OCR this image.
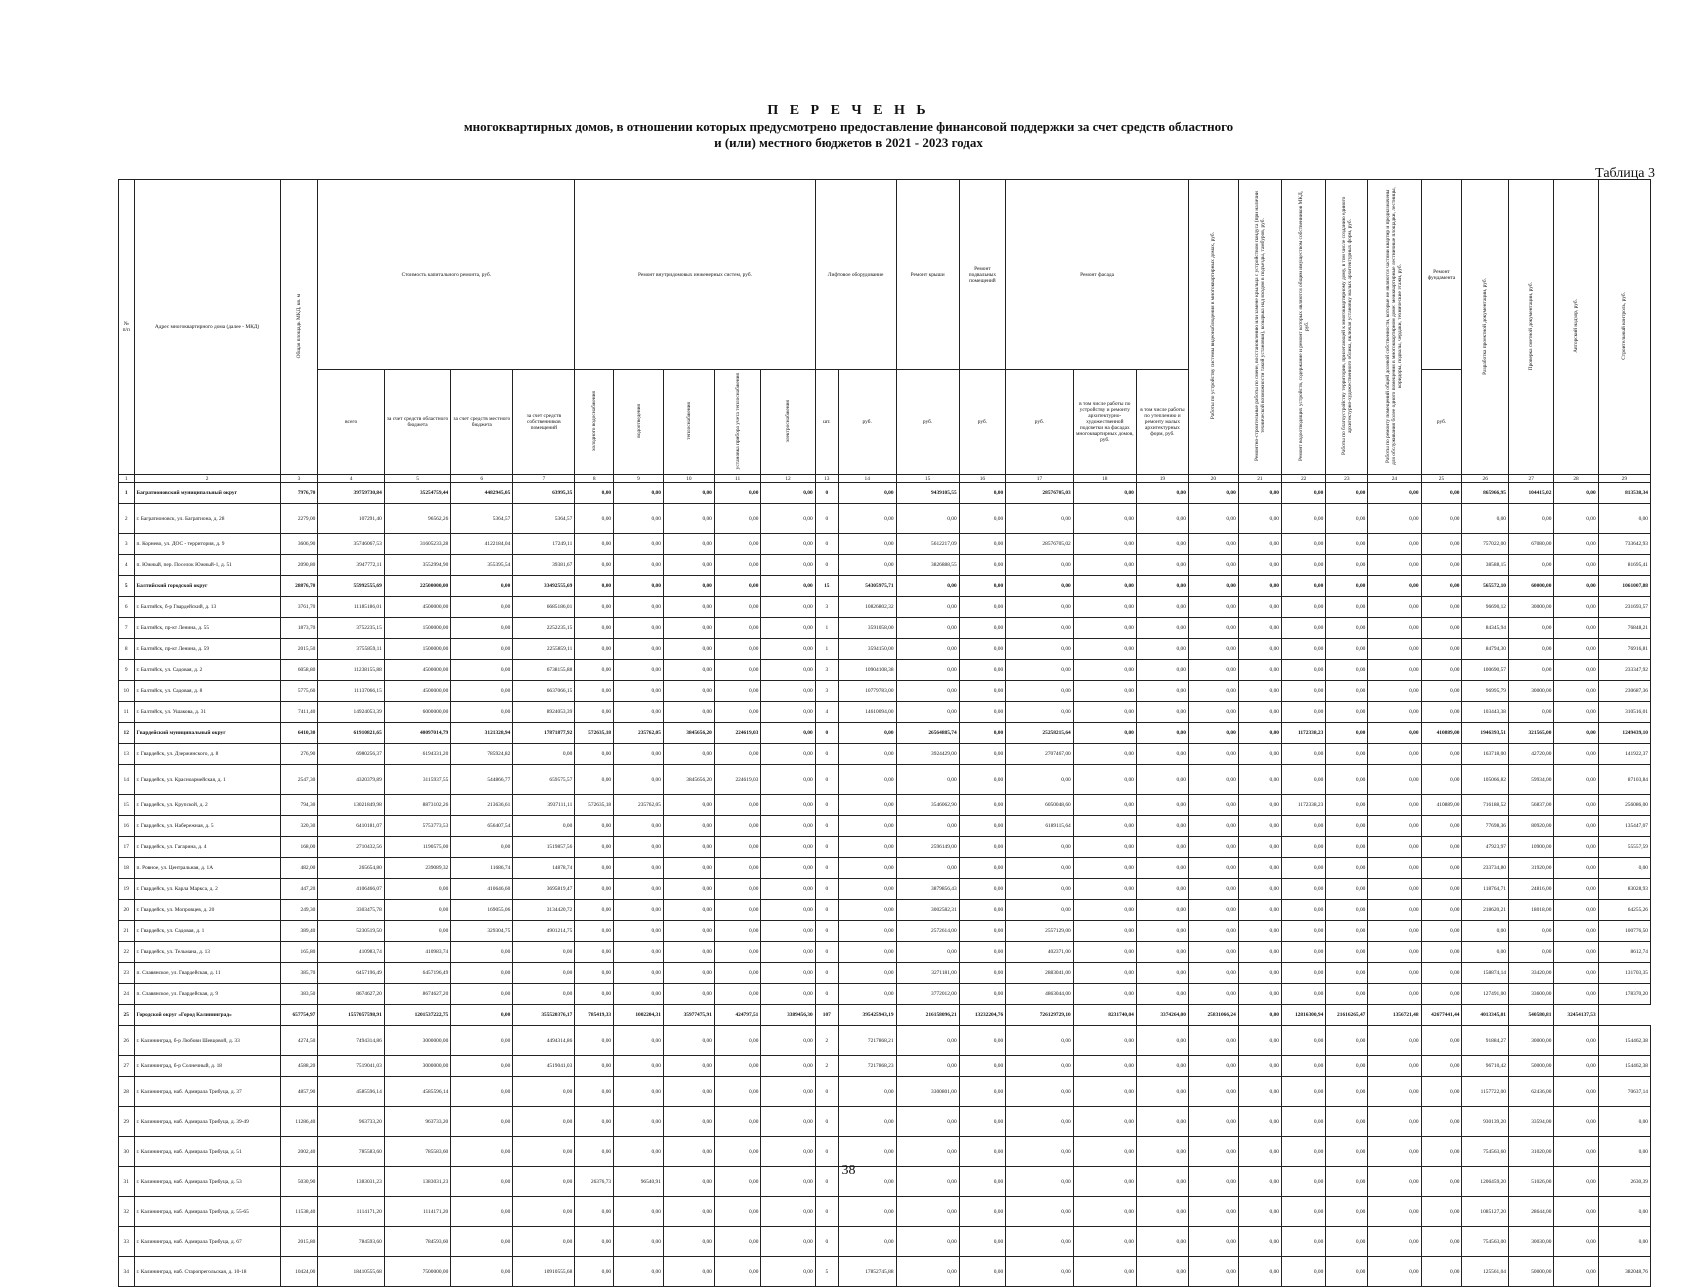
П Е Р Е Ч Е Н Ь
многоквартирных домов, в отношении которых предусмотрено предоставление финансовой поддержки за счет средств областного
и (или) местного бюджетов в 2021 - 2023 годах
Таблица 3
№ п/п	Адрес многоквартирного дома (далее - МКД)	Общая площадь МКД, кв. м	Стоимость капитального ремонта, руб.				Ремонт внутридомовых инженерных систем, руб.					Лифтовое оборудование		Ремонт крыши	Ремонт подвальных помещений	Ремонт фасада			Работы по устройству системы видеонаблюдения в многоквартирных домах, руб.	Ремонтно-строительные работы по смене, восстановлению или замене крыльца с устройством пандуса (при наличии технической возможности такой установки), козырька над входом в подъезды, тамбуров, руб.	Ремонт водоотводящих устройств, содержание и ремонт которых являются общим имуществом собственников МКД, руб.	Работы по благоустройству территории, прилегающей к многоквартирному дому, в том числе созданию единого архитектурно-художественного облика, включая установку малых архитектурных форм, руб.	Работы по ремонту помещений общей долевой собственности, которые не являются частями квартир и предназначены для обслуживания более одного помещения в многоквартирном доме: межквартирные лестничные площадки, лестницы, коридоры, подвалы, чердаки, технические этажи, руб.	Ремонт фундамента	Разработка проектной документации, руб.	Проверка сметной документации, руб.	Авторский надзор, руб.	Строительный контроль, руб.
			всего	за счет средств областного бюджета	за счет средств местного бюджета	за счет средств собственников помещений	холодного водоснабжения	водоотведения	теплоснабжения	установка прибора учета теплоснабжения	электроснабжения	шт.	руб.	руб.	руб.	руб.	в том числе работы по устройству и ремонту архитектурно-художественной подсветки на фасадах многоквартирных домов, руб.	в том числе работы по утеплению и ремонту малых архитектурных форм, руб.						руб.				
1	2	3	4	5	6	7	8	9	10	11	12	13	14	15	16	17	18	19	20	21	22	23	24	25	26	27	28	29
1	Багратионовский муниципальный округ	7976,70	39759730,84	35254759,44	4482945,05	63995,35	0,00	0,00	0,00	0,00	0,00	0	0,00	9439105,55	0,00	28576705,03	0,00	0,00	0,00	0,00	0,00	0,00	0,00	0,00	865966,95	104415,02	0,00	813538,34
2	г. Багратионовск, ул. Багратиона, д. 28	2279,00	107291,40	96562,26	5364,57	5364,57	0,00	0,00	0,00	0,00	0,00	0	0,00	0,00	0,00	0,00	0,00	0,00	0,00	0,00	0,00	0,00	0,00	0,00	0,00	0,00	0,00	0,00
3	п. Корнево, ул. ДОС - территория, д. 9	3606,90	35746067,53	31605233,28	4122184,04	17249,11	0,00	0,00	0,00	0,00	0,00	0	0,00	5612217,09	0,00	28576705,02	0,00	0,00	0,00	0,00	0,00	0,00	0,00	0,00	757022,00	67080,00	0,00	733642,93
4	п. Южный, пер. Поселок Южный-1, д. 51	2090,80	3947772,11	3552994,90	355395,54	39381,67	0,00	0,00	0,00	0,00	0,00	0	0,00	3826888,55	0,00	0,00	0,00	0,00	0,00	0,00	0,00	0,00	0,00	0,00	38588,15	0,00	0,00	81695,41
5	Балтийский городской округ	28876,70	55992555,69	22500000,00	0,00	33492555,69	0,00	0,00	0,00	0,00	0,00	15	54305975,71	0,00	0,00	0,00	0,00	0,00	0,00	0,00	0,00	0,00	0,00	0,00	565572,10	60000,00	0,00	1061007,88
6	г. Балтийск, б-р Гвардейский, д. 13	3761,70	11185186,01	4500000,00	0,00	6685186,01	0,00	0,00	0,00	0,00	0,00	3	10826802,32	0,00	0,00	0,00	0,00	0,00	0,00	0,00	0,00	0,00	0,00	0,00	96690,12	30000,00	0,00	231693,57
7	г. Балтийск, пр-кт Ленина, д. 55	1873,70	3752235,15	1500000,00	0,00	2252235,15	0,00	0,00	0,00	0,00	0,00	1	3591058,00	0,00	0,00	0,00	0,00	0,00	0,00	0,00	0,00	0,00	0,00	0,00	84345,94	0,00	0,00	76848,21
8	г. Балтийск, пр-кт Ленина, д. 59	2015,50	3755859,11	1500000,00	0,00	2255859,11	0,00	0,00	0,00	0,00	0,00	1	3594150,00	0,00	0,00	0,00	0,00	0,00	0,00	0,00	0,00	0,00	0,00	0,00	84794,30	0,00	0,00	76916,81
9	г. Балтийск, ул. Садовая, д. 2	6058,80	11238155,88	4500000,00	0,00	6738155,88	0,00	0,00	0,00	0,00	0,00	3	10904108,38	0,00	0,00	0,00	0,00	0,00	0,00	0,00	0,00	0,00	0,00	0,00	100690,57	0,00	0,00	233347,92
10	г. Балтийск, ул. Садовая, д. 8	5775,60	11137066,15	4500000,00	0,00	6637066,15	0,00	0,00	0,00	0,00	0,00	3	10779783,00	0,00	0,00	0,00	0,00	0,00	0,00	0,00	0,00	0,00	0,00	0,00	96995,79	30000,00	0,00	230687,36
11	г. Балтийск, ул. Ушакова, д. 31	7411,40	14924053,39	6000000,00	0,00	8924053,39	0,00	0,00	0,00	0,00	0,00	4	14610094,00	0,00	0,00	0,00	0,00	0,00	0,00	0,00	0,00	0,00	0,00	0,00	103443,38	0,00	0,00	310516,01
12	Гвардейский муниципальный округ	6410,30	61910821,65	40097014,79	3121328,94	17871877,92	572635,18	235762,05	3845656,20	224619,03	0,00	0	0,00	26564885,74	0,00	25258215,64	0,00	0,00	0,00	0,00	1172338,23	0,00	0,00	410889,00	1946393,51	321565,00	0,00	1249439,10
13	г. Гвардейск, ул. Дзержинского, д. 8	276,90	6980256,37	6194331,20	785924,82	0,00	0,00	0,00	0,00	0,00	0,00	0	0,00	3924429,00	0,00	2707467,00	0,00	0,00	0,00	0,00	0,00	0,00	0,00	0,00	163718,00	42720,00	0,00	141922,37
14	г. Гвардейск, ул. Красноармейская, д. 1	2547,30	4320379,89	3115937,55	544866,77	659575,57	0,00	0,00	3845656,20	224619,03	0,00	0	0,00	0,00	0,00	0,00	0,00	0,00	0,00	0,00	0,00	0,00	0,00	0,00	105066,82	59934,00	0,00	87103,84
15	г. Гвардейск, ул. Крупской, д. 2	794,30	13021849,98	8873102,26	213636,61	3937111,11	572635,18	235762,05	0,00	0,00	0,00	0	0,00	3546062,90	0,00	6050048,60	0,00	0,00	0,00	0,00	1172338,23	0,00	0,00	410889,00	716188,52	56837,00	0,00	256086,00
16	г. Гвардейск, ул. Набережная, д. 5	320,30	6410181,07	5753773,53	656407,54	0,00	0,00	0,00	0,00	0,00	0,00	0	0,00	0,00	0,00	6189115,64	0,00	0,00	0,00	0,00	0,00	0,00	0,00	0,00	77698,36	80920,00	0,00	135447,07
17	г. Гвардейск, ул. Гагарина, д. 4	168,00	2710432,56	1190575,00	0,00	1519857,56	0,00	0,00	0,00	0,00	0,00	0	0,00	2596149,00	0,00	0,00	0,00	0,00	0,00	0,00	0,00	0,00	0,00	0,00	47923,97	10900,00	0,00	55557,59
18	п. Ровное, ул. Центральная, д. 1А	482,00	265654,80	239089,32	11686,74	14878,74	0,00	0,00	0,00	0,00	0,00	0	0,00	0,00	0,00	0,00	0,00	0,00	0,00	0,00	0,00	0,00	0,00	0,00	233734,80	31920,00	0,00	0,00
19	г. Гвардейск, ул. Карла Маркса, д. 2	447,20	4106466,07	0,00	410646,60	3695819,47	0,00	0,00	0,00	0,00	0,00	0	0,00	3879856,43	0,00	0,00	0,00	0,00	0,00	0,00	0,00	0,00	0,00	0,00	118764,71	24816,00	0,00	83028,93
20	г. Гвардейск, ул. Мопровцев, д. 20	249,30	3303475,78	0,00	169055,06	3134420,72	0,00	0,00	0,00	0,00	0,00	0	0,00	3002582,31	0,00	0,00	0,00	0,00	0,00	0,00	0,00	0,00	0,00	0,00	218620,21	18018,00	0,00	64255,26
21	г. Гвардейск, ул. Садовая, д. 1	389,40	5230519,50	0,00	329304,75	4901214,75	0,00	0,00	0,00	0,00	0,00	0	0,00	2572614,00	0,00	2557129,00	0,00	0,00	0,00	0,00	0,00	0,00	0,00	0,00	0,00	0,00	0,00	100776,50
22	г. Гвардейск, ул. Тельмана, д. 13	165,80	410983,74	410983,74	0,00	0,00	0,00	0,00	0,00	0,00	0,00	0	0,00	0,00	0,00	402371,00	0,00	0,00	0,00	0,00	0,00	0,00	0,00	0,00	0,00	0,00	0,00	8612,74
23	п. Славянское, ул. Гвардейская, д. 11	385,70	6457196,49	6457196,49	0,00	0,00	0,00	0,00	0,00	0,00	0,00	0	0,00	3271181,00	0,00	2883041,00	0,00	0,00	0,00	0,00	0,00	0,00	0,00	0,00	158874,14	33420,00	0,00	131703,35
24	п. Славянское, ул. Гвардейская, д. 9	383,50	8674627,20	8674627,20	0,00	0,00	0,00	0,00	0,00	0,00	0,00	0	0,00	3772012,00	0,00	4863044,00	0,00	0,00	0,00	0,00	0,00	0,00	0,00	0,00	127491,00	33600,00	0,00	178370,20
25	Городской округ «Город Калининград»	657754,97	1557057598,91	1201537222,75	0,00	355520376,17	785419,33	1002204,31	35977475,91	424797,51	3389456,30	107	395425943,19	216158096,21	13232204,76	726129729,10	8231740,04	3374264,00	25831066,24	0,00	12816300,94	21616265,47	1356721,48	42677441,44	4013345,01	540580,81	32454137,53	
26	г. Калининград, б-р Любови Шевцовой, д. 33	4274,50	7494314,86	3000000,00	0,00	4494314,86	0,00	0,00	0,00	0,00	0,00	2	7217868,21	0,00	0,00	0,00	0,00	0,00	0,00	0,00	0,00	0,00	0,00	0,00	91884,27	30000,00	0,00	154462,38
27	г. Калининград, б-р Солнечный, д. 18	4588,20	7519041,03	3000000,00	0,00	4519041,03	0,00	0,00	0,00	0,00	0,00	2	7217868,23	0,00	0,00	0,00	0,00	0,00	0,00	0,00	0,00	0,00	0,00	0,00	96710,42	50000,00	0,00	154462,38
28	г. Калининград, наб. Адмирала Трибуца, д. 37	4857,90	4585596,14	4585596,14	0,00	0,00	0,00	0,00	0,00	0,00	0,00	0	0,00	3300801,00	0,00	0,00	0,00	0,00	0,00	0,00	0,00	0,00	0,00	0,00	1157722,00	62436,00	0,00	70637,14
29	г. Калининград, наб. Адмирала Трибуца, д. 39-49	11286,40	963733,20	963733,20	0,00	0,00	0,00	0,00	0,00	0,00	0,00	0	0,00	0,00	0,00	0,00	0,00	0,00	0,00	0,00	0,00	0,00	0,00	0,00	930139,20	33594,00	0,00	0,00
30	г. Калининград, наб. Адмирала Трибуца, д. 51	2002,40	785583,60	785583,60	0,00	0,00	0,00	0,00	0,00	0,00	0,00	0	0,00	0,00	0,00	0,00	0,00	0,00	0,00	0,00	0,00	0,00	0,00	0,00	754563,60	31020,00	0,00	0,00
31	г. Калининград, наб. Адмирала Трибуца, д. 53	5030,90	1383031,23	1383031,23	0,00	0,00	26376,73	96540,91	0,00	0,00	0,00	0	0,00	0,00	0,00	0,00	0,00	0,00	0,00	0,00	0,00	0,00	0,00	0,00	1206459,20	51026,00	0,00	2630,39
32	г. Калининград, наб. Адмирала Трибуца, д. 55-65	11538,40	1114171,20	1114171,20	0,00	0,00	0,00	0,00	0,00	0,00	0,00	0	0,00	0,00	0,00	0,00	0,00	0,00	0,00	0,00	0,00	0,00	0,00	0,00	1085127,20	28644,00	0,00	0,00
33	г. Калининград, наб. Адмирала Трибуца, д. 67	2015,80	784593,60	784593,60	0,00	0,00	0,00	0,00	0,00	0,00	0,00	0	0,00	0,00	0,00	0,00	0,00	0,00	0,00	0,00	0,00	0,00	0,00	0,00	754563,00	30030,00	0,00	0,00
34	г. Калининград, наб. Старопрегольская, д. 10-18	10424,00	18410555,68	7500000,00	0,00	10910555,68	0,00	0,00	0,00	0,00	0,00	5	17852745,88	0,00	0,00	0,00	0,00	0,00	0,00	0,00	0,00	0,00	0,00	0,00	125561,04	50000,00	0,00	382048,76
38
